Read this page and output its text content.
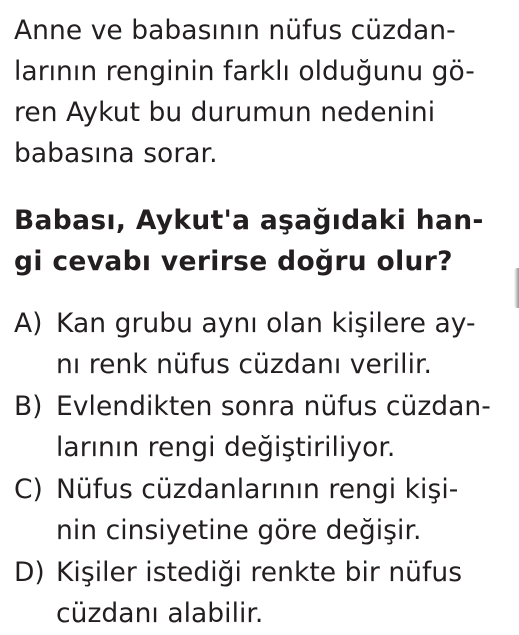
Anne ve babasının nüfus cüzdan-
larının renginin farklı olduğunu gö-
ren Aykut bu durumun nedenini
babasına sorar.
Babası, Aykut'a aşağıdaki han-
gi cevabı verirse doğru olur?
A) Kan grubu aynı olan kişilere ay-
nı renk nüfus cüzdanı verilir.
B) Evlendikten sonra nüfus cüzdan-
larının rengi değiştiriliyor.
C) Nüfus cüzdanlarının rengi kişi-
nin cinsiyetine göre değişir.
D) Kişiler istediği renkte bir nüfus
cüzdanı alabilir.
